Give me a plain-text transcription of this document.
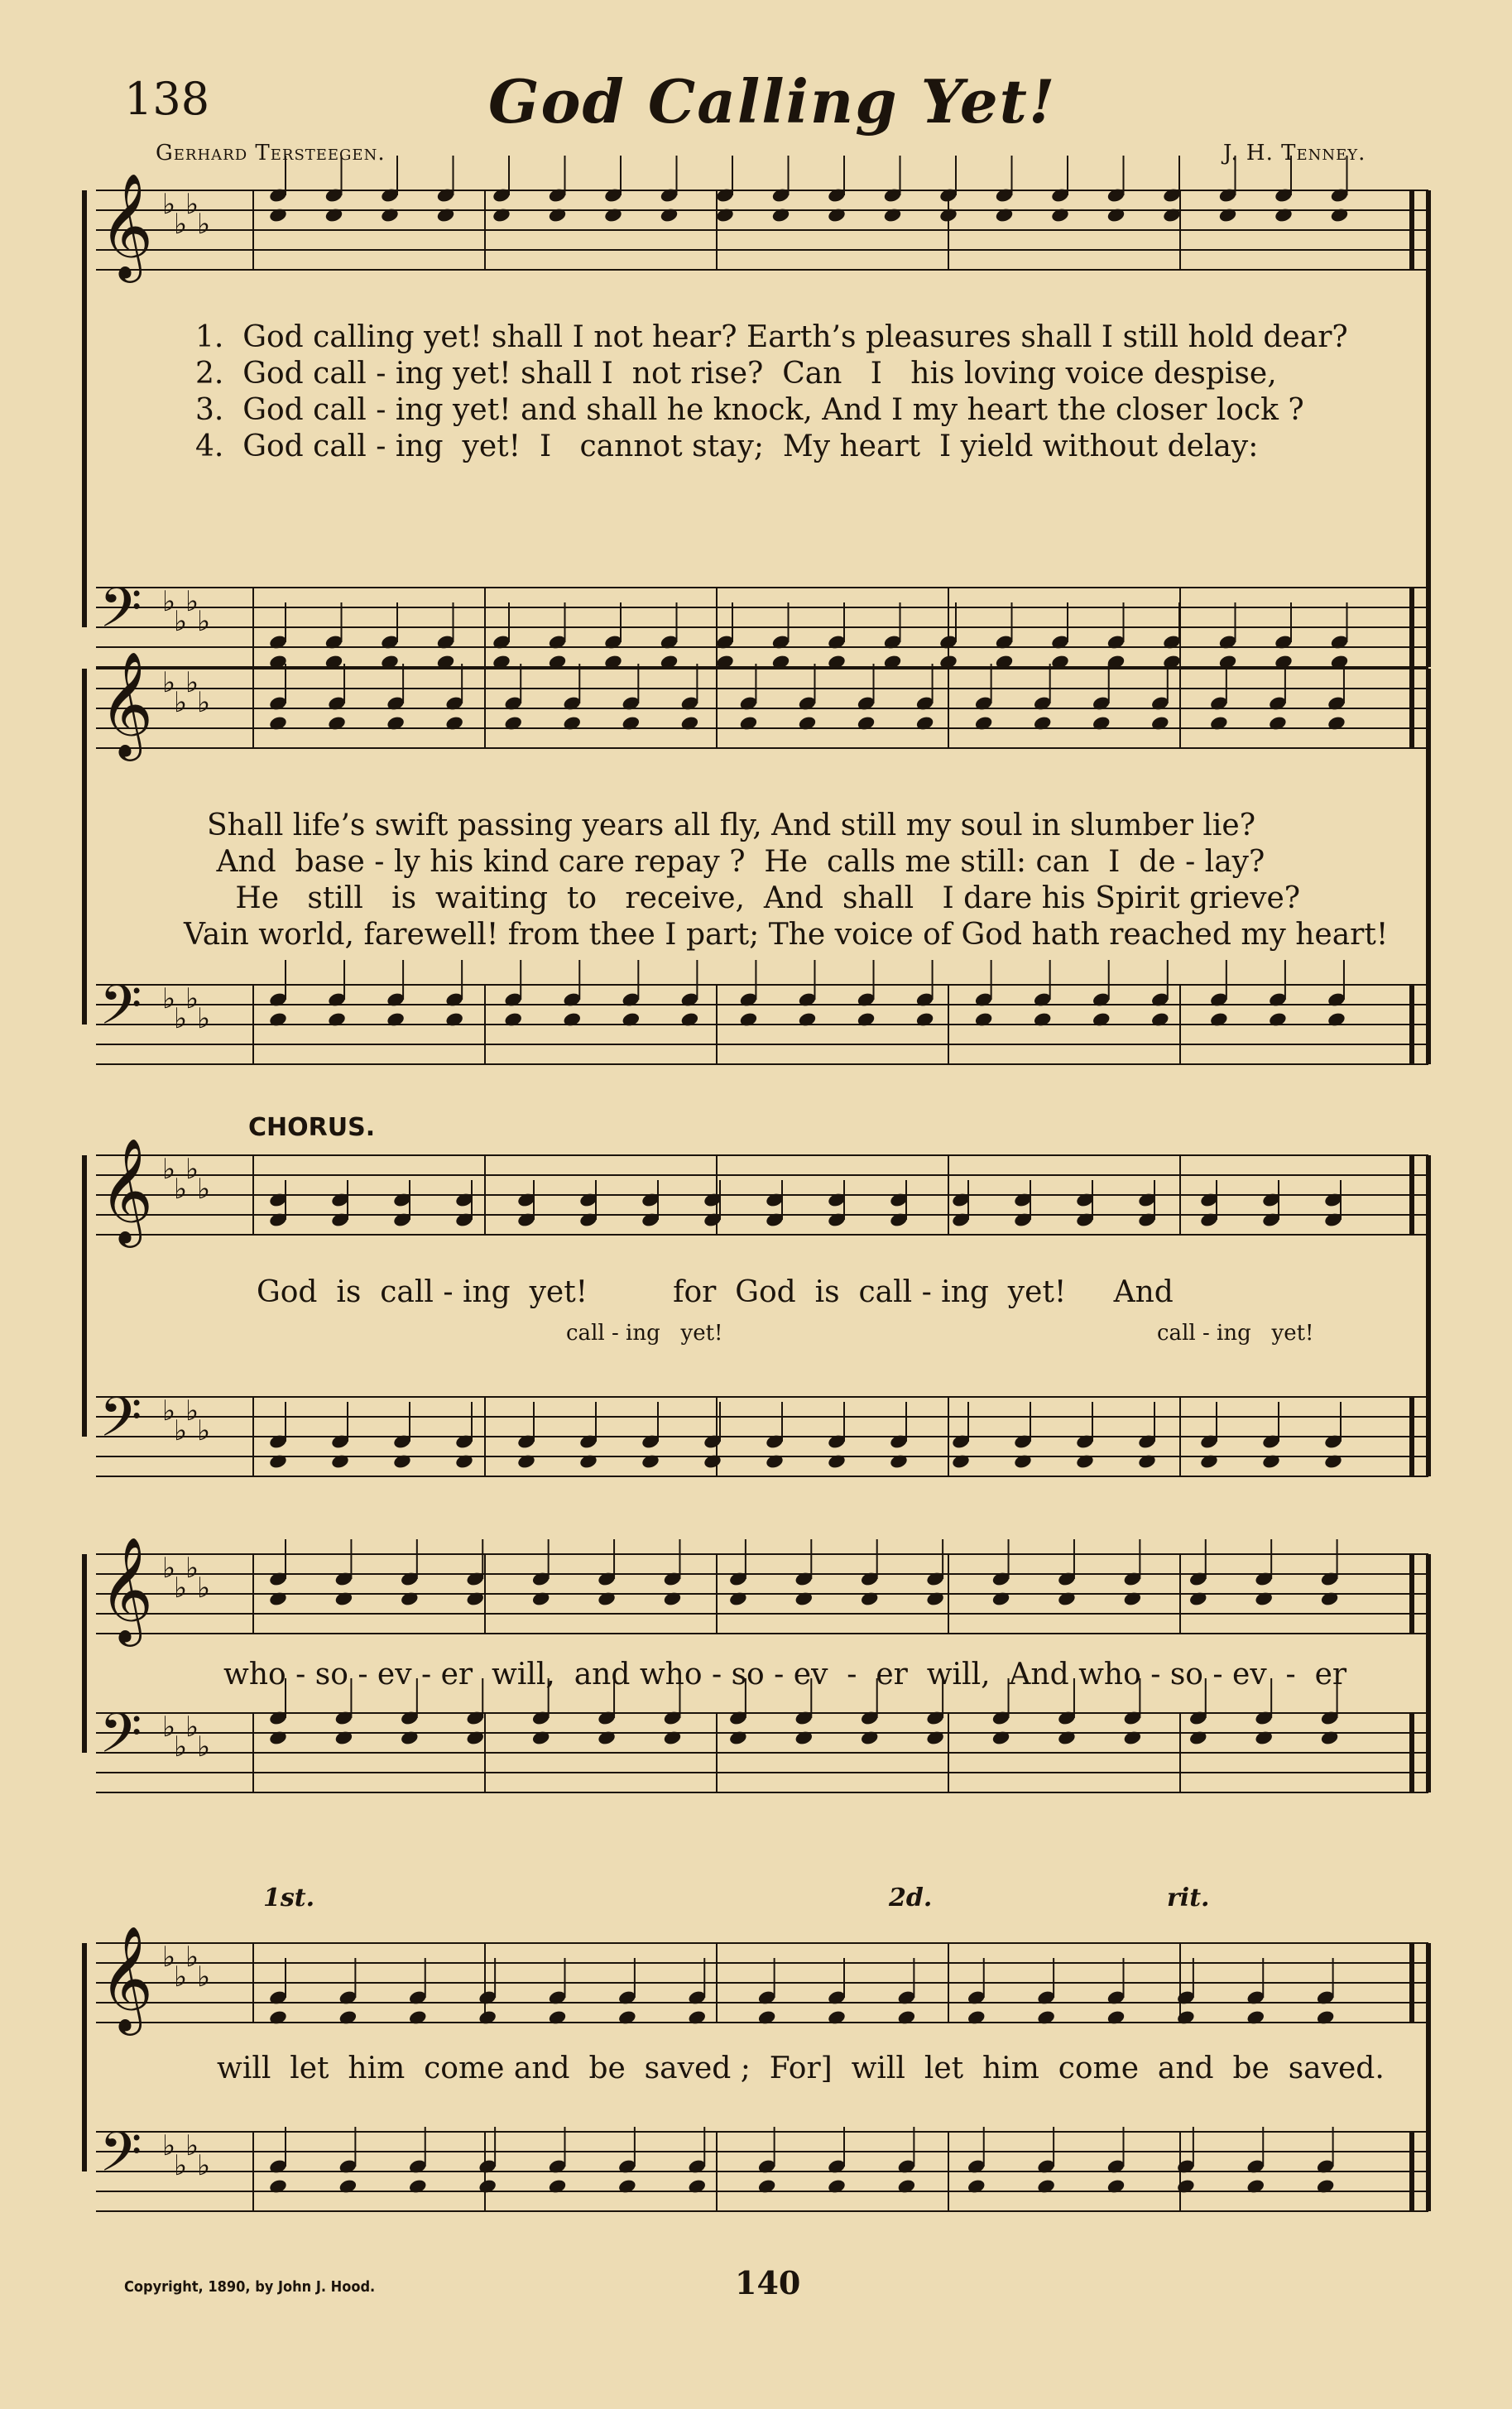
138	God Calling Yet!
Gerhard Tersteegen.	J. H. Tenney.
𝄞 ♭
♭
♭
♭
𝄢 ♭
♭
♭
♭
1.  God calling yet! shall I not hear? Earth’s pleasures shall I still hold dear?
2.  God call - ing yet! shall I  not rise?  Can   I   his loving voice despise,
3.  God call - ing yet! and shall he knock, And I my heart the closer lock ?
4.  God call - ing  yet!  I   cannot stay;  My heart  I yield without delay:
𝄞 ♭
♭
♭
♭
𝄢 ♭
♭
♭
♭
Shall life’s swift passing years all fly, And still my soul in slumber lie?
And  base - ly his kind care repay ?  He  calls me still: can  I  de - lay?
He   still   is  waiting  to   receive,  And  shall   I dare his Spirit grieve?
Vain world, farewell! from thee I part; The voice of God hath reached my heart!
CHORUS.
𝄞 ♭
♭
♭
♭
𝄢 ♭
♭
♭
♭
God  is  call - ing  yet!         for  God  is  call - ing  yet!     And
call - ing   yet!	call - ing   yet!
𝄞 ♭
♭
♭
♭
𝄢 ♭
♭
♭
♭
who - so - ev - er  will,  and who - so - ev  -  er  will,  And who - so - ev  -  er
1st.	2d.	rit.
𝄞 ♭
♭
♭
♭
𝄢 ♭
♭
♭
♭
will  let  him  come and  be  saved ;  For]  will  let  him  come  and  be  saved.
Copyright, 1890, by John J. Hood.	140
